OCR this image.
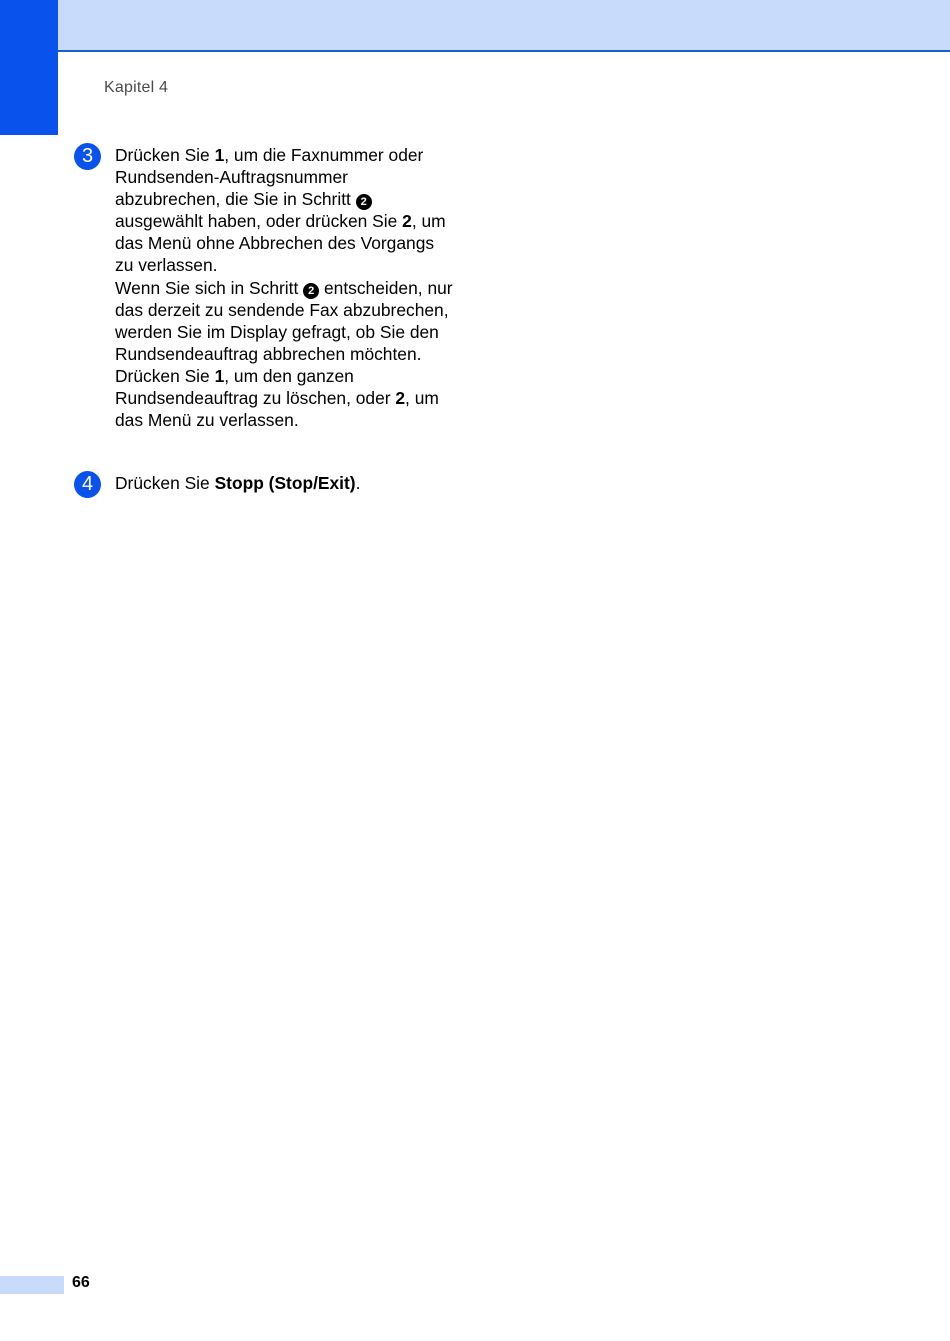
Kapitel 4
3	Drücken Sie 1, um die Faxnummer oder Rundsenden-Auftragsnummer abzubrechen, die Sie in Schritt 2 ausgewählt haben, oder drücken Sie 2, um das Menü ohne Abbrechen des Vorgangs zu verlassen.

Wenn Sie sich in Schritt 2 entscheiden, nur das derzeit zu sendende Fax abzubrechen, werden Sie im Display gefragt, ob Sie den Rundsendeauftrag abbrechen möchten. Drücken Sie 1, um den ganzen Rundsendeauftrag zu löschen, oder 2, um das Menü zu verlassen.

4	Drücken Sie Stopp (Stop/Exit).

66
